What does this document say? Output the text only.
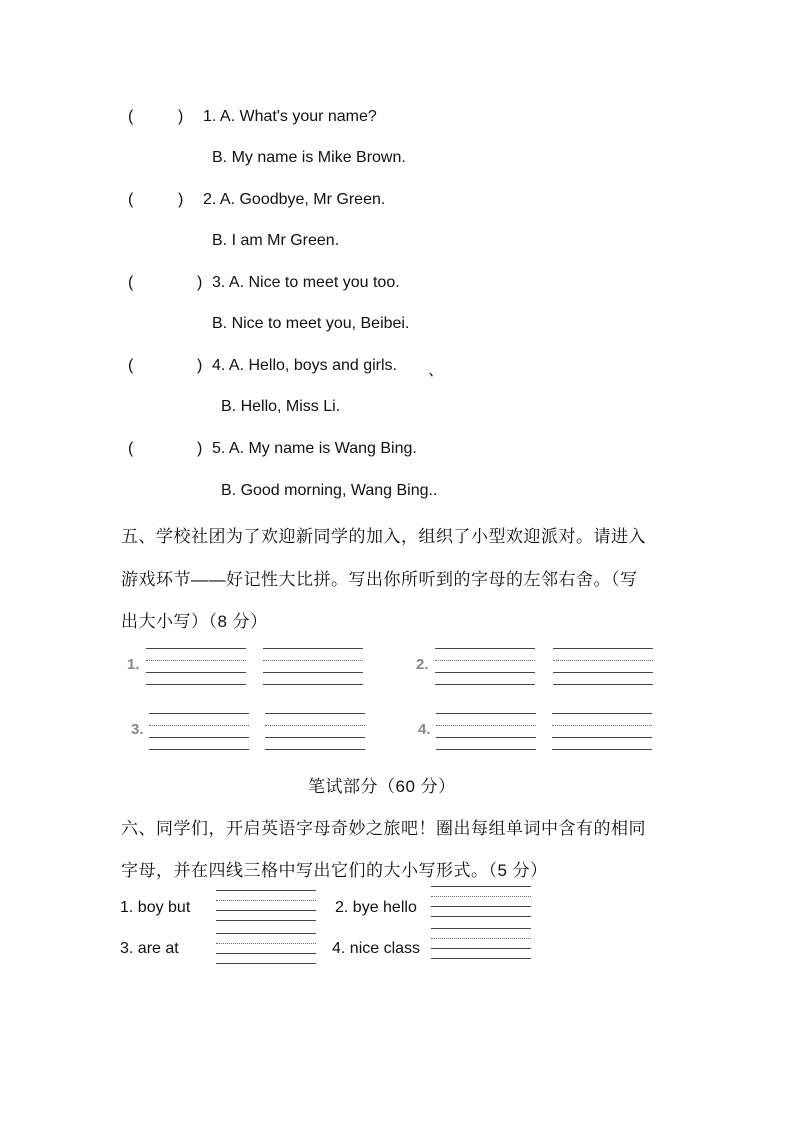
(	) 1. A. What's your name?
B. My name is Mike Brown.
(	) 2. A. Goodbye, Mr Green.
B. I am Mr Green.
(	) 3. A. Nice to meet you too.
B. Nice to meet you, Beibei.
(	) 4. A. Hello, boys and girls. 、
B. Hello, Miss Li.
(	) 5. A. My name is Wang Bing.
B. Good morning, Wang Bing..
五、学校社团为了欢迎新同学的加入，组织了小型欢迎派对。请进入
游戏环节——好记性大比拼。写出你所听到的字母的左邻右舍。（写
出大小写）（8 分）
1.	2.
3.	4.
笔试部分（60 分）
六、同学们，开启英语字母奇妙之旅吧！圈出每组单词中含有的相同
字母，并在四线三格中写出它们的大小写形式。（5 分）
1. boy but	2. bye hello
3. are at	4. nice class
